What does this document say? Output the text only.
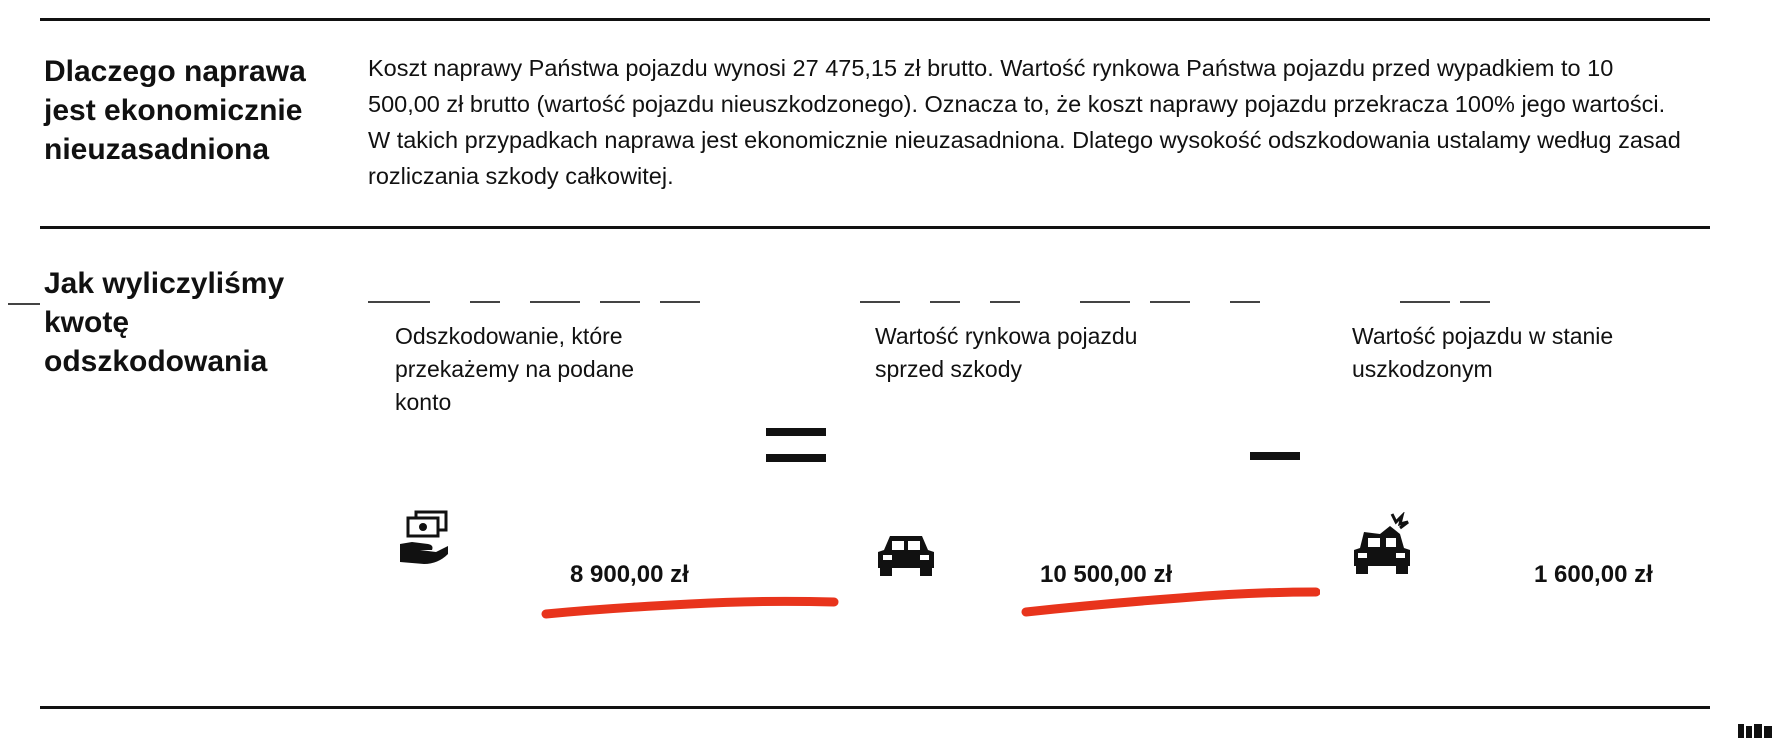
Dlaczego naprawa jest ekonomicznie nieuzasadniona

Koszt naprawy Państwa pojazdu wynosi 27 475,15 zł brutto. Wartość rynkowa Państwa pojazdu przed wypadkiem to 10 500,00 zł brutto (wartość pojazdu nieuszkodzonego). Oznacza to, że koszt naprawy pojazdu przekracza 100% jego wartości. W takich przypadkach naprawa jest ekonomicznie nieuzasadniona. Dlatego wysokość odszkodowania ustalamy według zasad rozliczania szkody całkowitej.

Jak wyliczyliśmy kwotę odszkodowania

Odszkodowanie, które przekażemy na podane konto

8 900,00 zł

Wartość rynkowa pojazdu sprzed szkody

10 500,00 zł

Wartość pojazdu w stanie uszkodzonym

1 600,00 zł
